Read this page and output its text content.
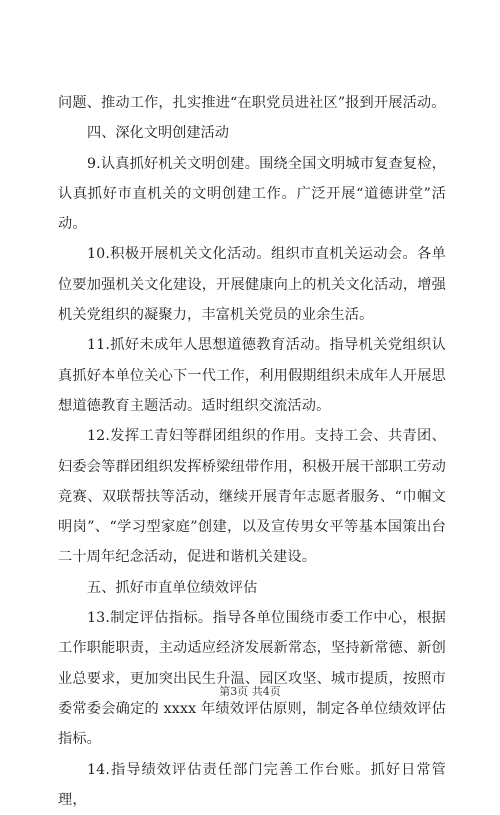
问题、推动工作，扎实推进“在职党员进社区”报到开展活动。

四、深化文明创建活动

9.认真抓好机关文明创建。围绕全国文明城市复查复检，认真抓好市直机关的文明创建工作。广泛开展“道德讲堂”活动。

10.积极开展机关文化活动。组织市直机关运动会。各单位要加强机关文化建设，开展健康向上的机关文化活动，增强机关党组织的凝聚力，丰富机关党员的业余生活。

11.抓好未成年人思想道德教育活动。指导机关党组织认真抓好本单位关心下一代工作，利用假期组织未成年人开展思想道德教育主题活动。适时组织交流活动。

12.发挥工青妇等群团组织的作用。支持工会、共青团、妇委会等群团组织发挥桥梁纽带作用，积极开展干部职工劳动竞赛、双联帮扶等活动，继续开展青年志愿者服务、“巾帼文明岗”、“学习型家庭”创建，以及宣传男女平等基本国策出台二十周年纪念活动，促进和谐机关建设。

五、抓好市直单位绩效评估

13.制定评估指标。指导各单位围绕市委工作中心，根据工作职能职责，主动适应经济发展新常态，坚持新常德、新创业总要求，更加突出民生升温、园区攻坚、城市提质，按照市委常委会确定的 xxxx 年绩效评估原则，制定各单位绩效评估指标。

14.指导绩效评估责任部门完善工作台账。抓好日常管理，

第3页 共4页
